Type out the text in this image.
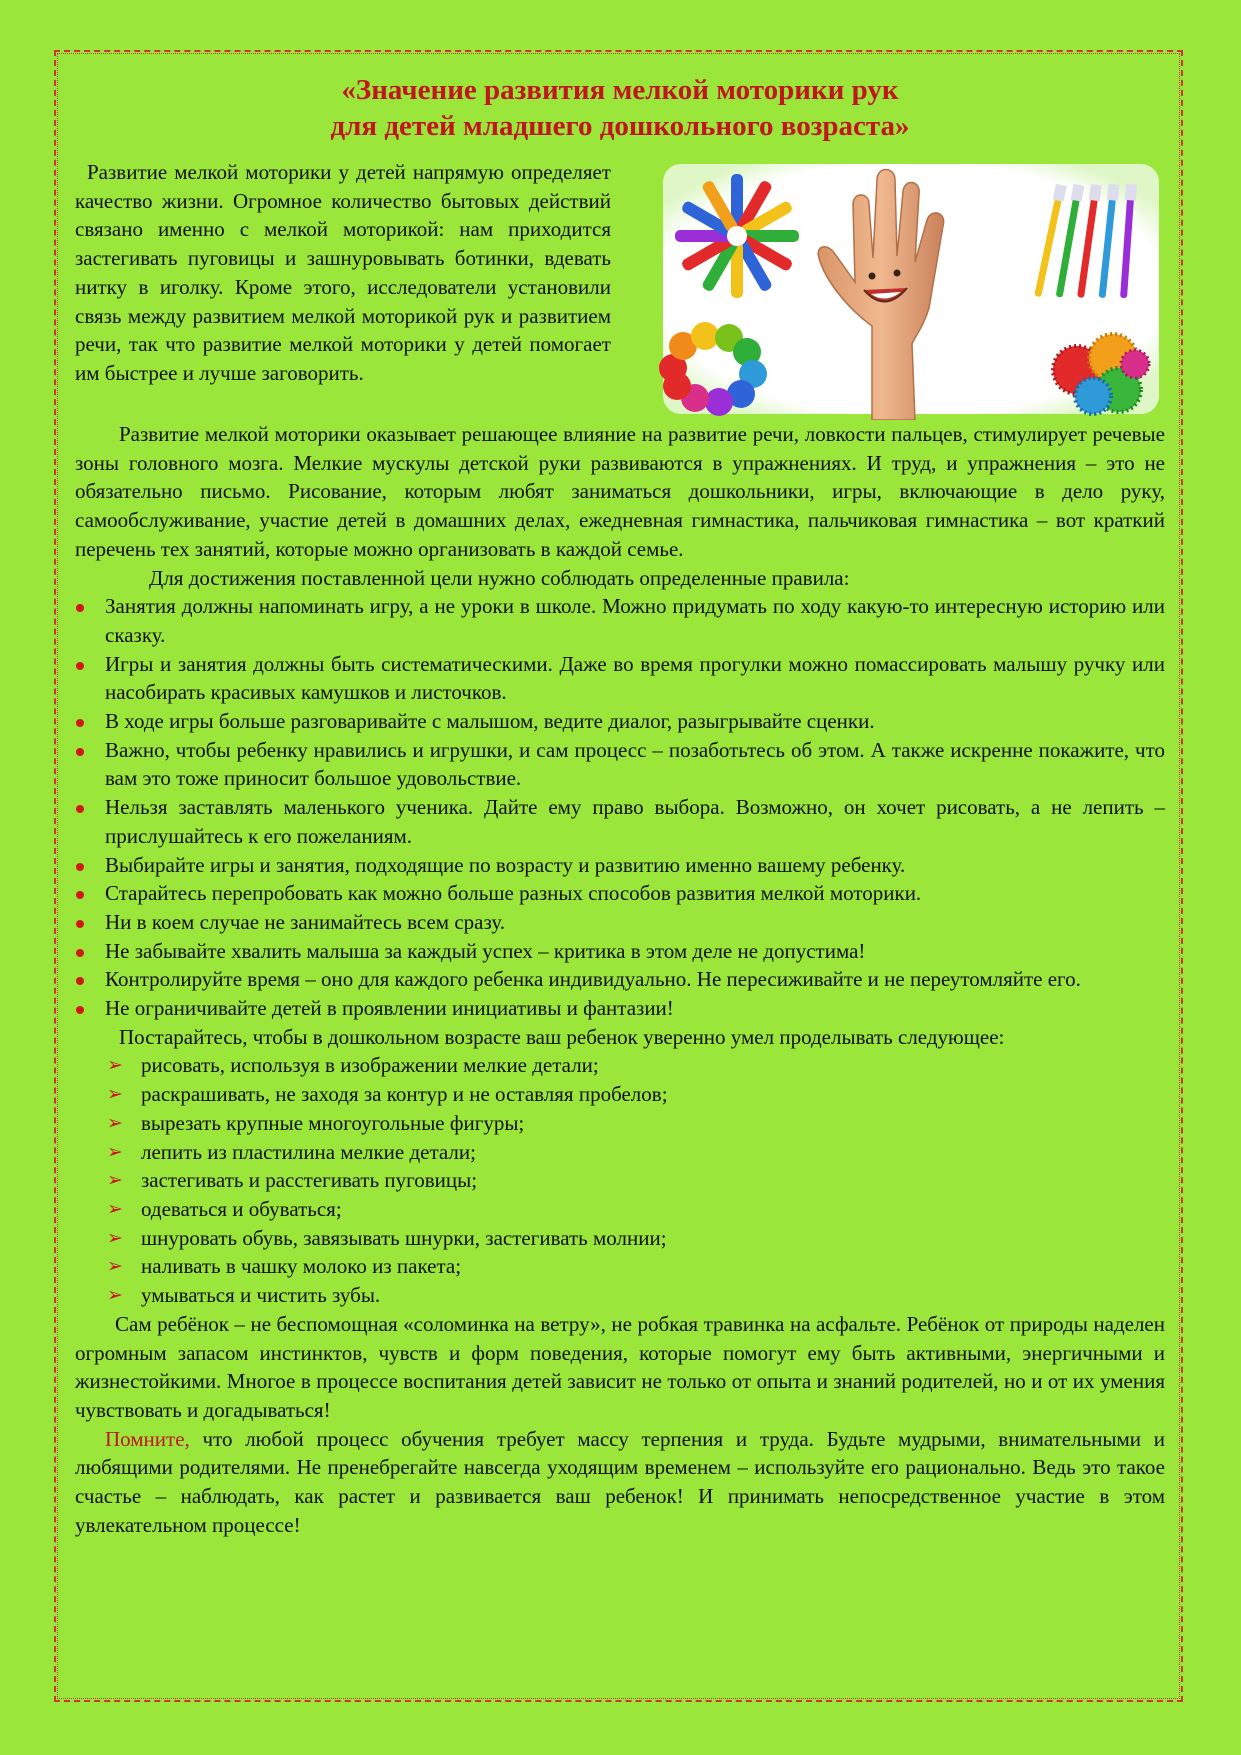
«Значение развития мелкой моторики рук
для детей младшего дошкольного возраста»

Развитие мелкой моторики у детей напрямую определяет качество жизни. Огромное количество бытовых действий связано именно с мелкой моторикой: нам приходится застегивать пуговицы и зашнуровывать ботинки, вдевать нитку в иголку. Кроме этого, исследователи установили связь между развитием мелкой моторикой рук и развитием речи, так что развитие мелкой моторики у детей помогает им быстрее и лучше заговорить.

Развитие мелкой моторики оказывает решающее влияние на развитие речи, ловкости пальцев, стимулирует речевые зоны головного мозга. Мелкие мускулы детской руки развиваются в упражнениях. И труд, и упражнения – это не обязательно письмо. Рисование, которым любят заниматься дошкольники, игры, включающие в дело руку, самообслуживание, участие детей в домашних делах, ежедневная гимнастика, пальчиковая гимнастика – вот краткий перечень тех занятий, которые можно организовать в каждой семье.

Для достижения поставленной цели нужно соблюдать определенные правила:

Занятия должны напоминать игру, а не уроки в школе. Можно придумать по ходу какую-то интересную историю или сказку.
Игры и занятия должны быть систематическими. Даже во время прогулки можно помассировать малышу ручку или насобирать красивых камушков и листочков.
В ходе игры больше разговаривайте с малышом, ведите диалог, разыгрывайте сценки.
Важно, чтобы ребенку нравились и игрушки, и сам процесс – позаботьтесь об этом. А также искренне покажите, что вам это тоже приносит большое удовольствие.
Нельзя заставлять маленького ученика. Дайте ему право выбора. Возможно, он хочет рисовать, а не лепить – прислушайтесь к его пожеланиям.
Выбирайте игры и занятия, подходящие по возрасту и развитию именно вашему ребенку.
Старайтесь перепробовать как можно больше разных способов развития мелкой моторики.
Ни в коем случае не занимайтесь всем сразу.
Не забывайте хвалить малыша за каждый успех – критика в этом деле не допустима!
Контролируйте время – оно для каждого ребенка индивидуально. Не пересиживайте и не переутомляйте его.
Не ограничивайте детей в проявлении инициативы и фантазии!

Постарайтесь, чтобы в дошкольном возрасте ваш ребенок уверенно умел проделывать следующее:

➢ рисовать, используя в изображении мелкие детали;
➢ раскрашивать, не заходя за контур и не оставляя пробелов;
➢ вырезать крупные многоугольные фигуры;
➢ лепить из пластилина мелкие детали;
➢ застегивать и расстегивать пуговицы;
➢ одеваться и обуваться;
➢ шнуровать обувь, завязывать шнурки, застегивать молнии;
➢ наливать в чашку молоко из пакета;
➢ умываться и чистить зубы.

Сам ребёнок – не беспомощная «соломинка на ветру», не робкая травинка на асфальте. Ребёнок от природы наделен огромным запасом инстинктов, чувств и форм поведения, которые помогут ему быть активными, энергичными и жизнестойкими. Многое в процессе воспитания детей зависит не только от опыта и знаний родителей, но и от их умения чувствовать и догадываться!

Помните, что любой процесс обучения требует массу терпения и труда. Будьте мудрыми, внимательными и любящими родителями. Не пренебрегайте навсегда уходящим временем – используйте его рационально. Ведь это такое счастье – наблюдать, как растет и развивается ваш ребенок! И принимать непосредственное участие в этом увлекательном процессе!
